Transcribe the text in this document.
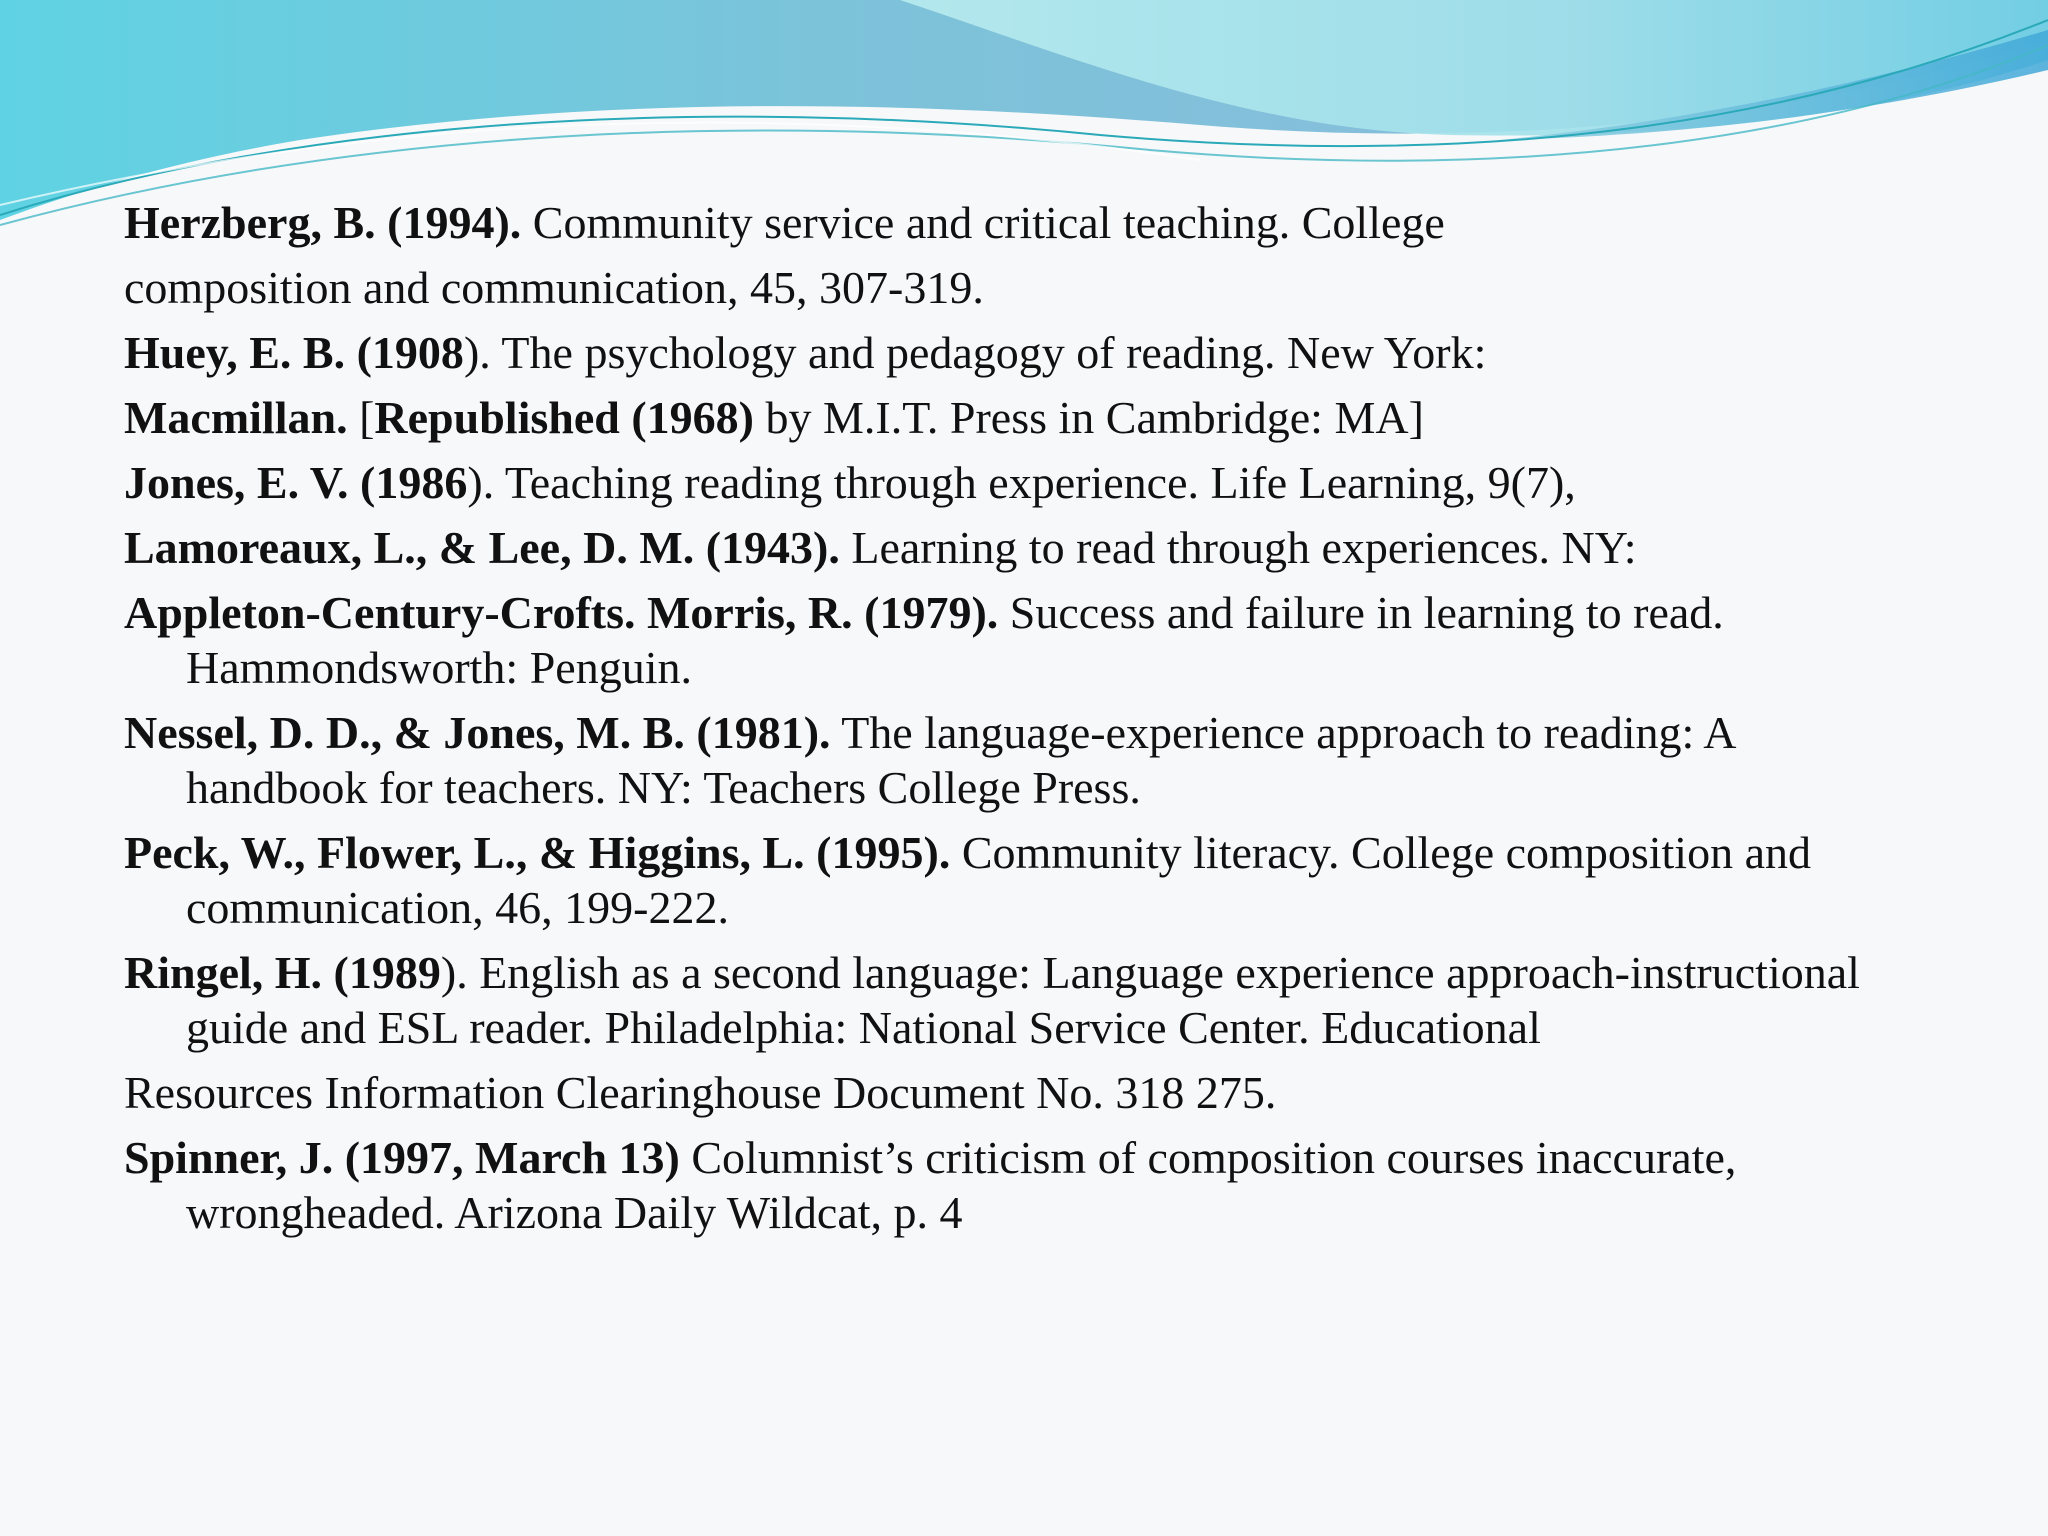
Herzberg, B. (1994). Community service and critical teaching. College

composition and communication, 45, 307-319.

Huey, E. B. (1908). The psychology and pedagogy of reading. New York:

Macmillan. [Republished (1968) by M.I.T. Press in Cambridge: MA]

Jones, E. V. (1986). Teaching reading through experience. Life Learning, 9(7),

Lamoreaux, L., & Lee, D. M. (1943). Learning to read through experiences. NY:

Appleton-Century-Crofts. Morris, R. (1979). Success and failure in learning to read. Hammondsworth: Penguin.

Nessel, D. D., & Jones, M. B. (1981). The language-experience approach to reading: A handbook for teachers. NY: Teachers College Press.

Peck, W., Flower, L., & Higgins, L. (1995). Community literacy. College composition and communication, 46, 199-222.

Ringel, H. (1989). English as a second language: Language experience approach-instructional guide and ESL reader. Philadelphia: National Service Center. Educational
Resources Information Clearinghouse Document No. 318 275.

Spinner, J. (1997, March 13) Columnist’s criticism of composition courses inaccurate, wrongheaded. Arizona Daily Wildcat, p. 4
